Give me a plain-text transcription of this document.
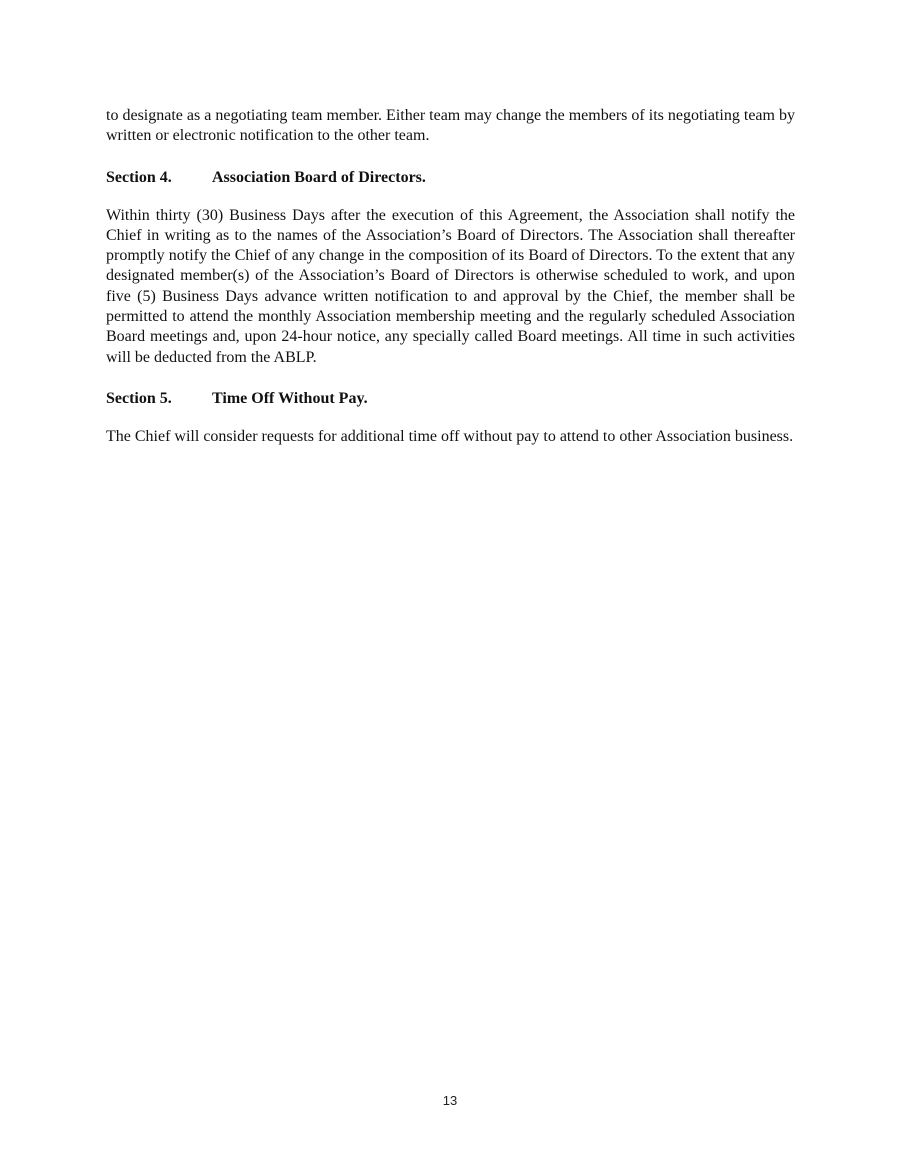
to designate as a negotiating team member. Either team may change the members of its negotiating team by written or electronic notification to the other team.

Section 4.	Association Board of Directors.

Within thirty (30) Business Days after the execution of this Agreement, the Association shall notify the Chief in writing as to the names of the Association’s Board of Directors. The Association shall thereafter promptly notify the Chief of any change in the composition of its Board of Directors. To the extent that any designated member(s) of the Association’s Board of Directors is otherwise scheduled to work, and upon five (5) Business Days advance written notification to and approval by the Chief, the member shall be permitted to attend the monthly Association membership meeting and the regularly scheduled Association Board meetings and, upon 24-hour notice, any specially called Board meetings. All time in such activities will be deducted from the ABLP.

Section 5.	Time Off Without Pay.

The Chief will consider requests for additional time off without pay to attend to other Association business.

13
